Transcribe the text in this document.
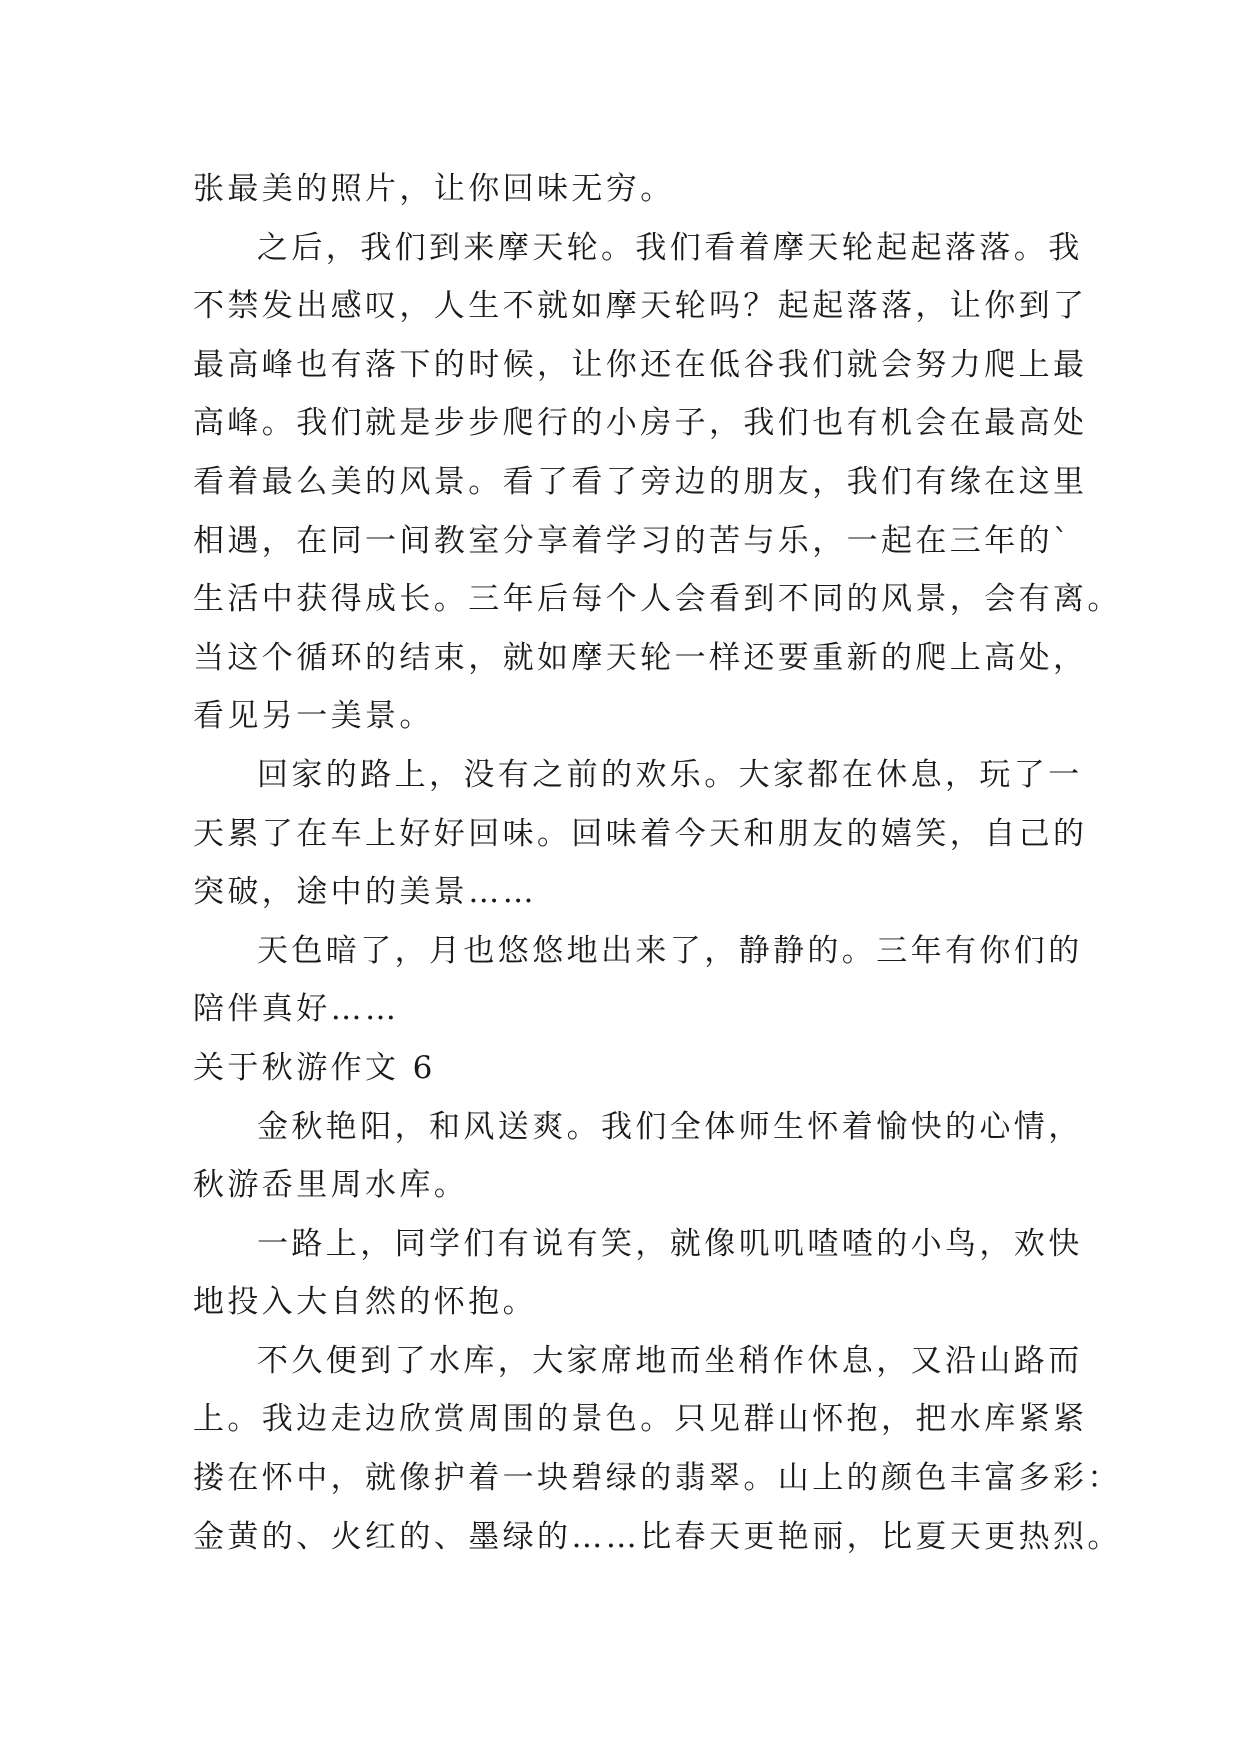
张最美的照片，让你回味无穷。
之后，我们到来摩天轮。我们看着摩天轮起起落落。我
不禁发出感叹，人生不就如摩天轮吗？起起落落，让你到了
最高峰也有落下的时候，让你还在低谷我们就会努力爬上最
高峰。我们就是步步爬行的小房子，我们也有机会在最高处
看着最么美的风景。看了看了旁边的朋友，我们有缘在这里
相遇，在同一间教室分享着学习的苦与乐，一起在三年的`
生活中获得成长。三年后每个人会看到不同的风景，会有离。
当这个循环的结束，就如摩天轮一样还要重新的爬上高处，
看见另一美景。
回家的路上，没有之前的欢乐。大家都在休息，玩了一
天累了在车上好好回味。回味着今天和朋友的嬉笑，自己的
突破，途中的美景……
天色暗了，月也悠悠地出来了，静静的。三年有你们的
陪伴真好……
关于秋游作文 6
金秋艳阳，和风送爽。我们全体师生怀着愉快的心情，
秋游岙里周水库。
一路上，同学们有说有笑，就像叽叽喳喳的小鸟，欢快
地投入大自然的怀抱。
不久便到了水库，大家席地而坐稍作休息，又沿山路而
上。我边走边欣赏周围的景色。只见群山怀抱，把水库紧紧
搂在怀中，就像护着一块碧绿的翡翠。山上的颜色丰富多彩：
金黄的、火红的、墨绿的……比春天更艳丽，比夏天更热烈。
